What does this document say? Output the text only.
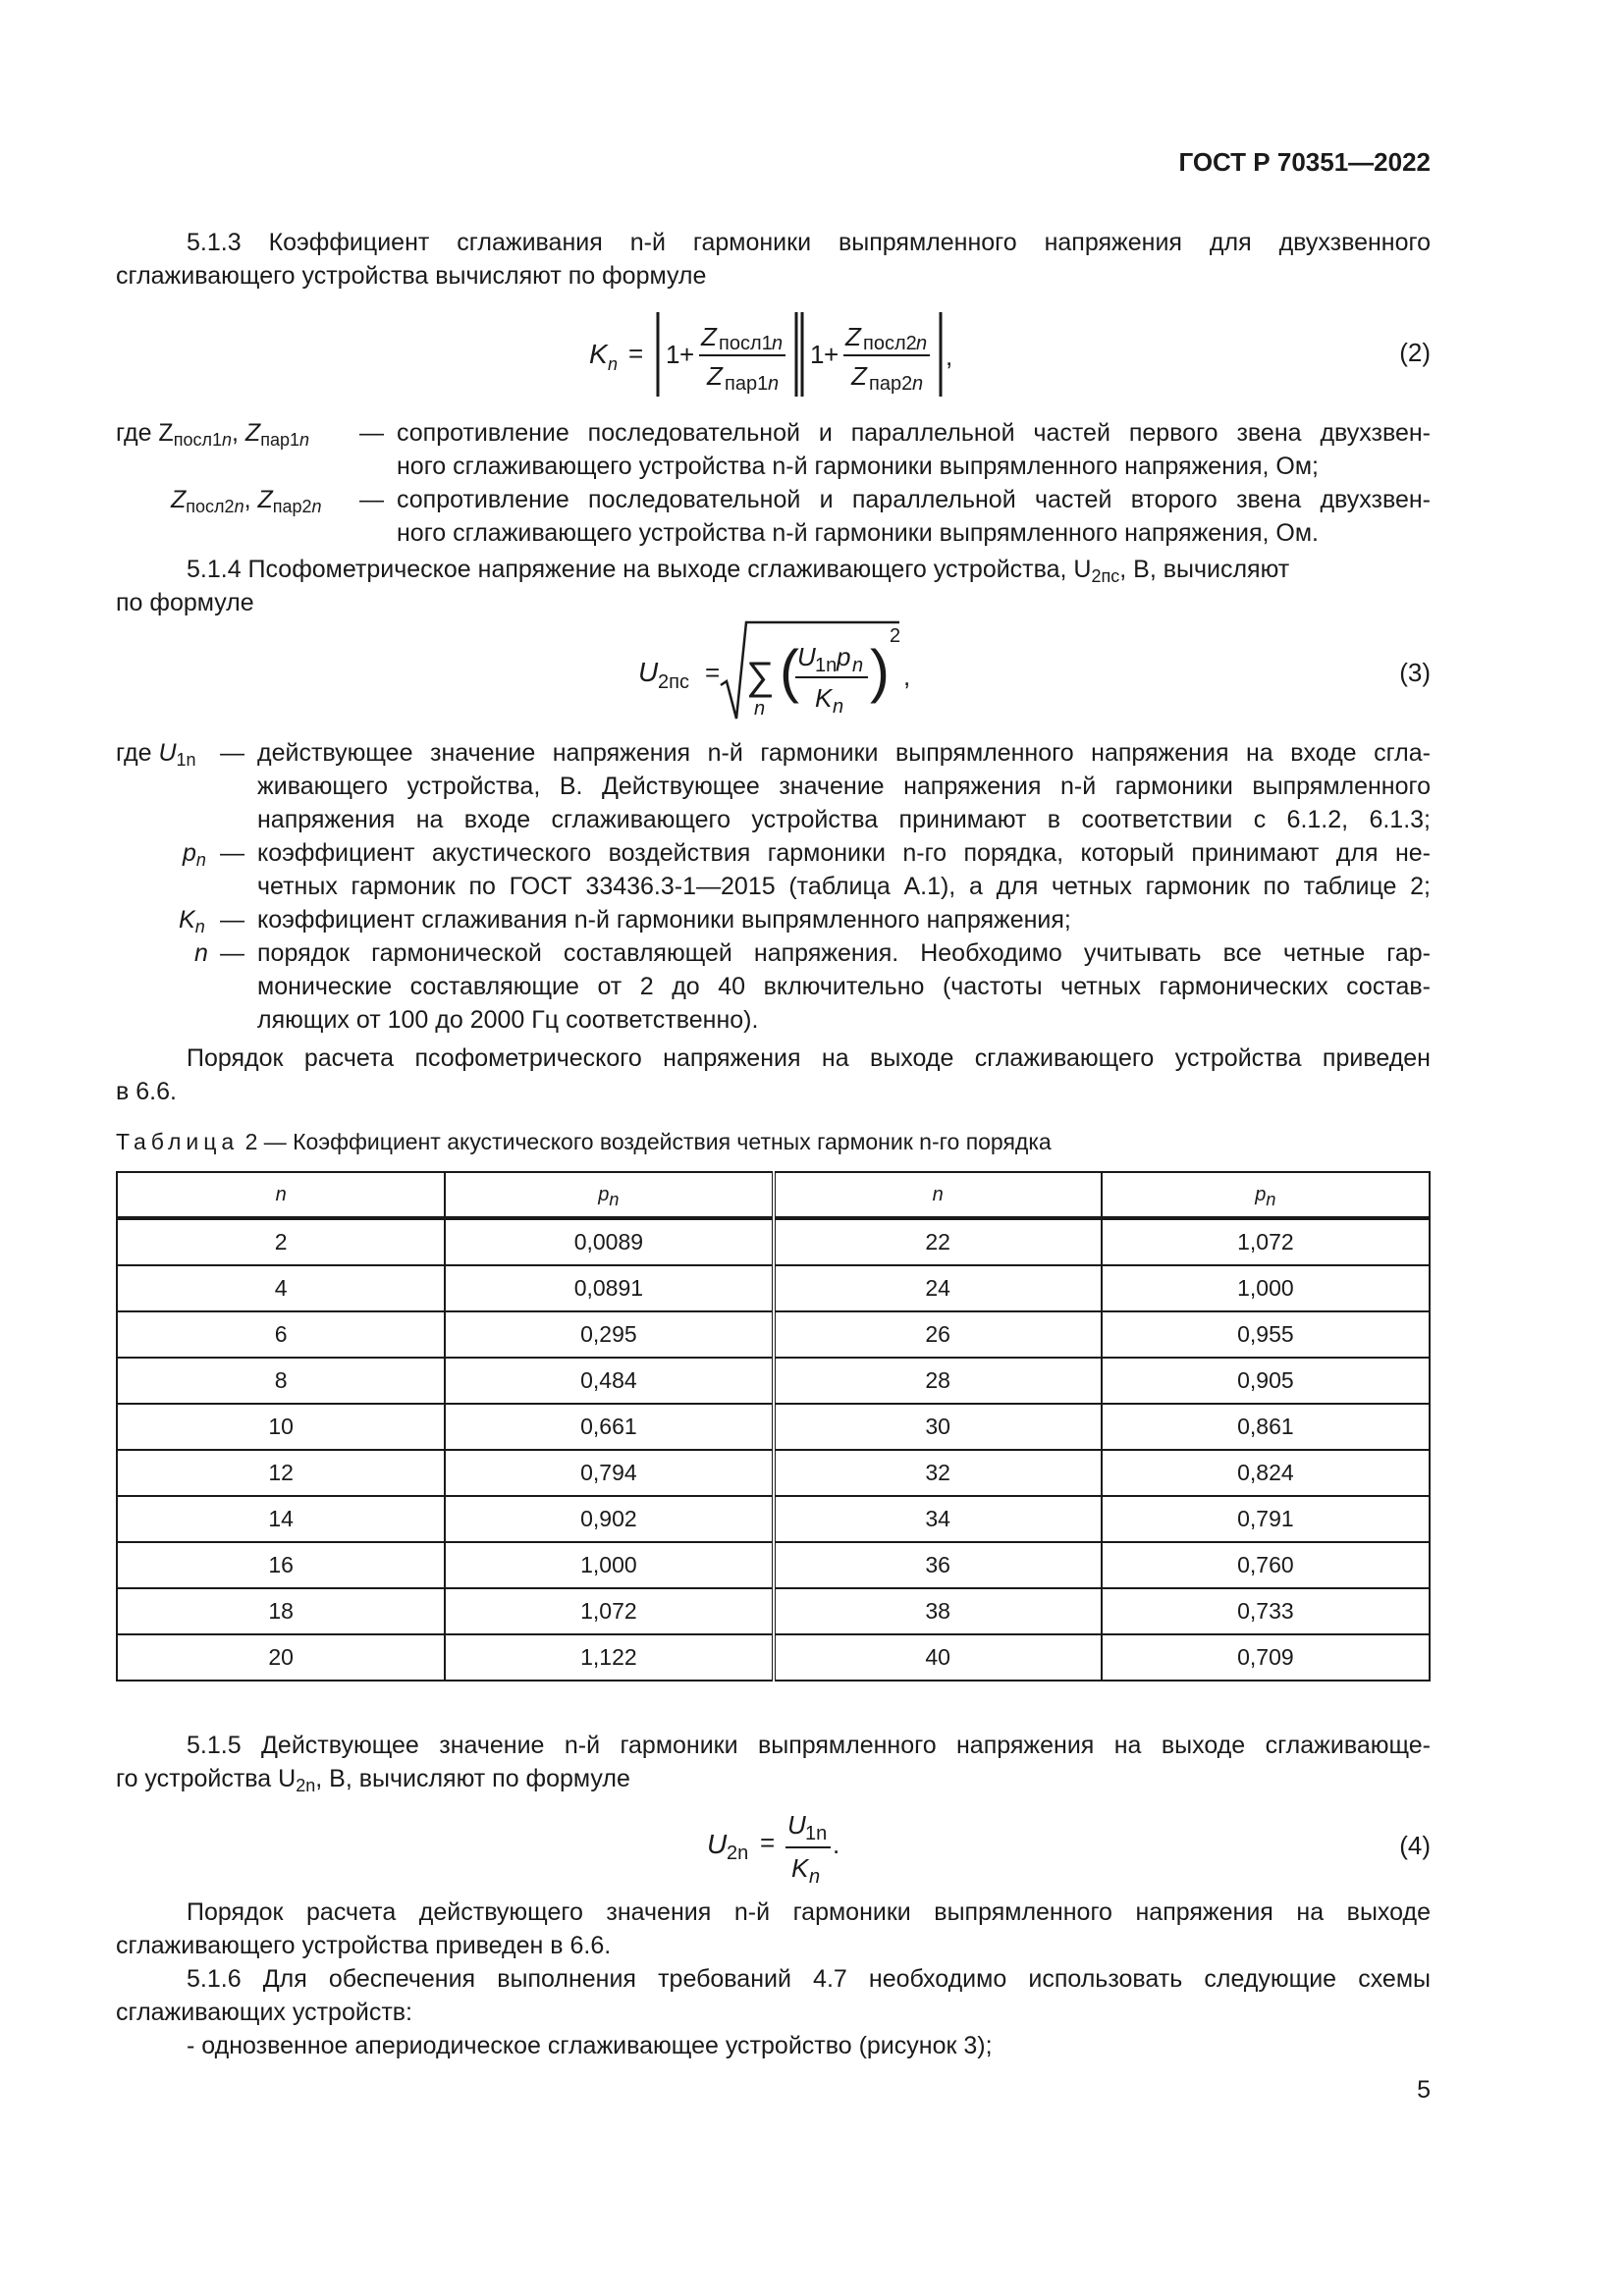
ГОСТ Р 70351—2022
5.1.3 Коэффициент сглаживания n-й гармоники выпрямленного напряжения для двухзвенного
сглаживающего устройства вычисляют по формуле
K n = 1 +
Z посл1 n
Z пар1 n
1 +
Z посл2 n
Z пар2 n
,	(2)
где $Z_{посл1n}$, $Z_{пар1n}$ — сопротивление последовательной и параллельной частей первого звена двухзвен-
ного сглаживающего устройства n-й гармоники выпрямленного напряжения, Ом;
$Z_{посл2n}$, $Z_{пар2n}$ — сопротивление последовательной и параллельной частей второго звена двухзвен-
ного сглаживающего устройства n-й гармоники выпрямленного напряжения, Ом.
5.1.4 Псофометрическое напряжение на выходе сглаживающего устройства, $U_{2пс}$, В, вычисляют
по формуле
U 2пс = ∑
n
(
U 1n p n
K n
)
2
,	(3)
где $U_{1n}$ — действующее значение напряжения n-й гармоники выпрямленного напряжения на входе сгла-
живающего устройства, В. Действующее значение напряжения n-й гармоники выпрямленного
напряжения на входе сглаживающего устройства принимают в соответствии с 6.1.2, 6.1.3;
$p_n$ — коэффициент акустического воздействия гармоники n-го порядка, который принимают для не-
четных гармоник по ГОСТ 33436.3-1—2015 (таблица А.1), а для четных гармоник по таблице 2;
$K_n$ — коэффициент сглаживания n-й гармоники выпрямленного напряжения;
n — порядок гармонической составляющей напряжения. Необходимо учитывать все четные гар-
монические составляющие от 2 до 40 включительно (частоты четных гармонических состав-
ляющих от 100 до 2000 Гц соответственно).
Порядок расчета псофометрического напряжения на выходе сглаживающего устройства приведен
в 6.6.
Таблица 2 — Коэффициент акустического воздействия четных гармоник n-го порядка
n	$p_n$	n	$p_n$
2	0,0089	22	1,072
4	0,0891	24	1,000
6	0,295	26	0,955
8	0,484	28	0,905
10	0,661	30	0,861
12	0,794	32	0,824
14	0,902	34	0,791
16	1,000	36	0,760
18	1,072	38	0,733
20	1,122	40	0,709
5.1.5 Действующее значение n-й гармоники выпрямленного напряжения на выходе сглаживающе-
го устройства $U_{2n}$, В, вычисляют по формуле
U 2n =
U 1n
K n
.	(4)
Порядок расчета действующего значения n-й гармоники выпрямленного напряжения на выходе
сглаживающего устройства приведен в 6.6.
5.1.6 Для обеспечения выполнения требований 4.7 необходимо использовать следующие схемы
сглаживающих устройств:
- однозвенное апериодическое сглаживающее устройство (рисунок 3);
5
